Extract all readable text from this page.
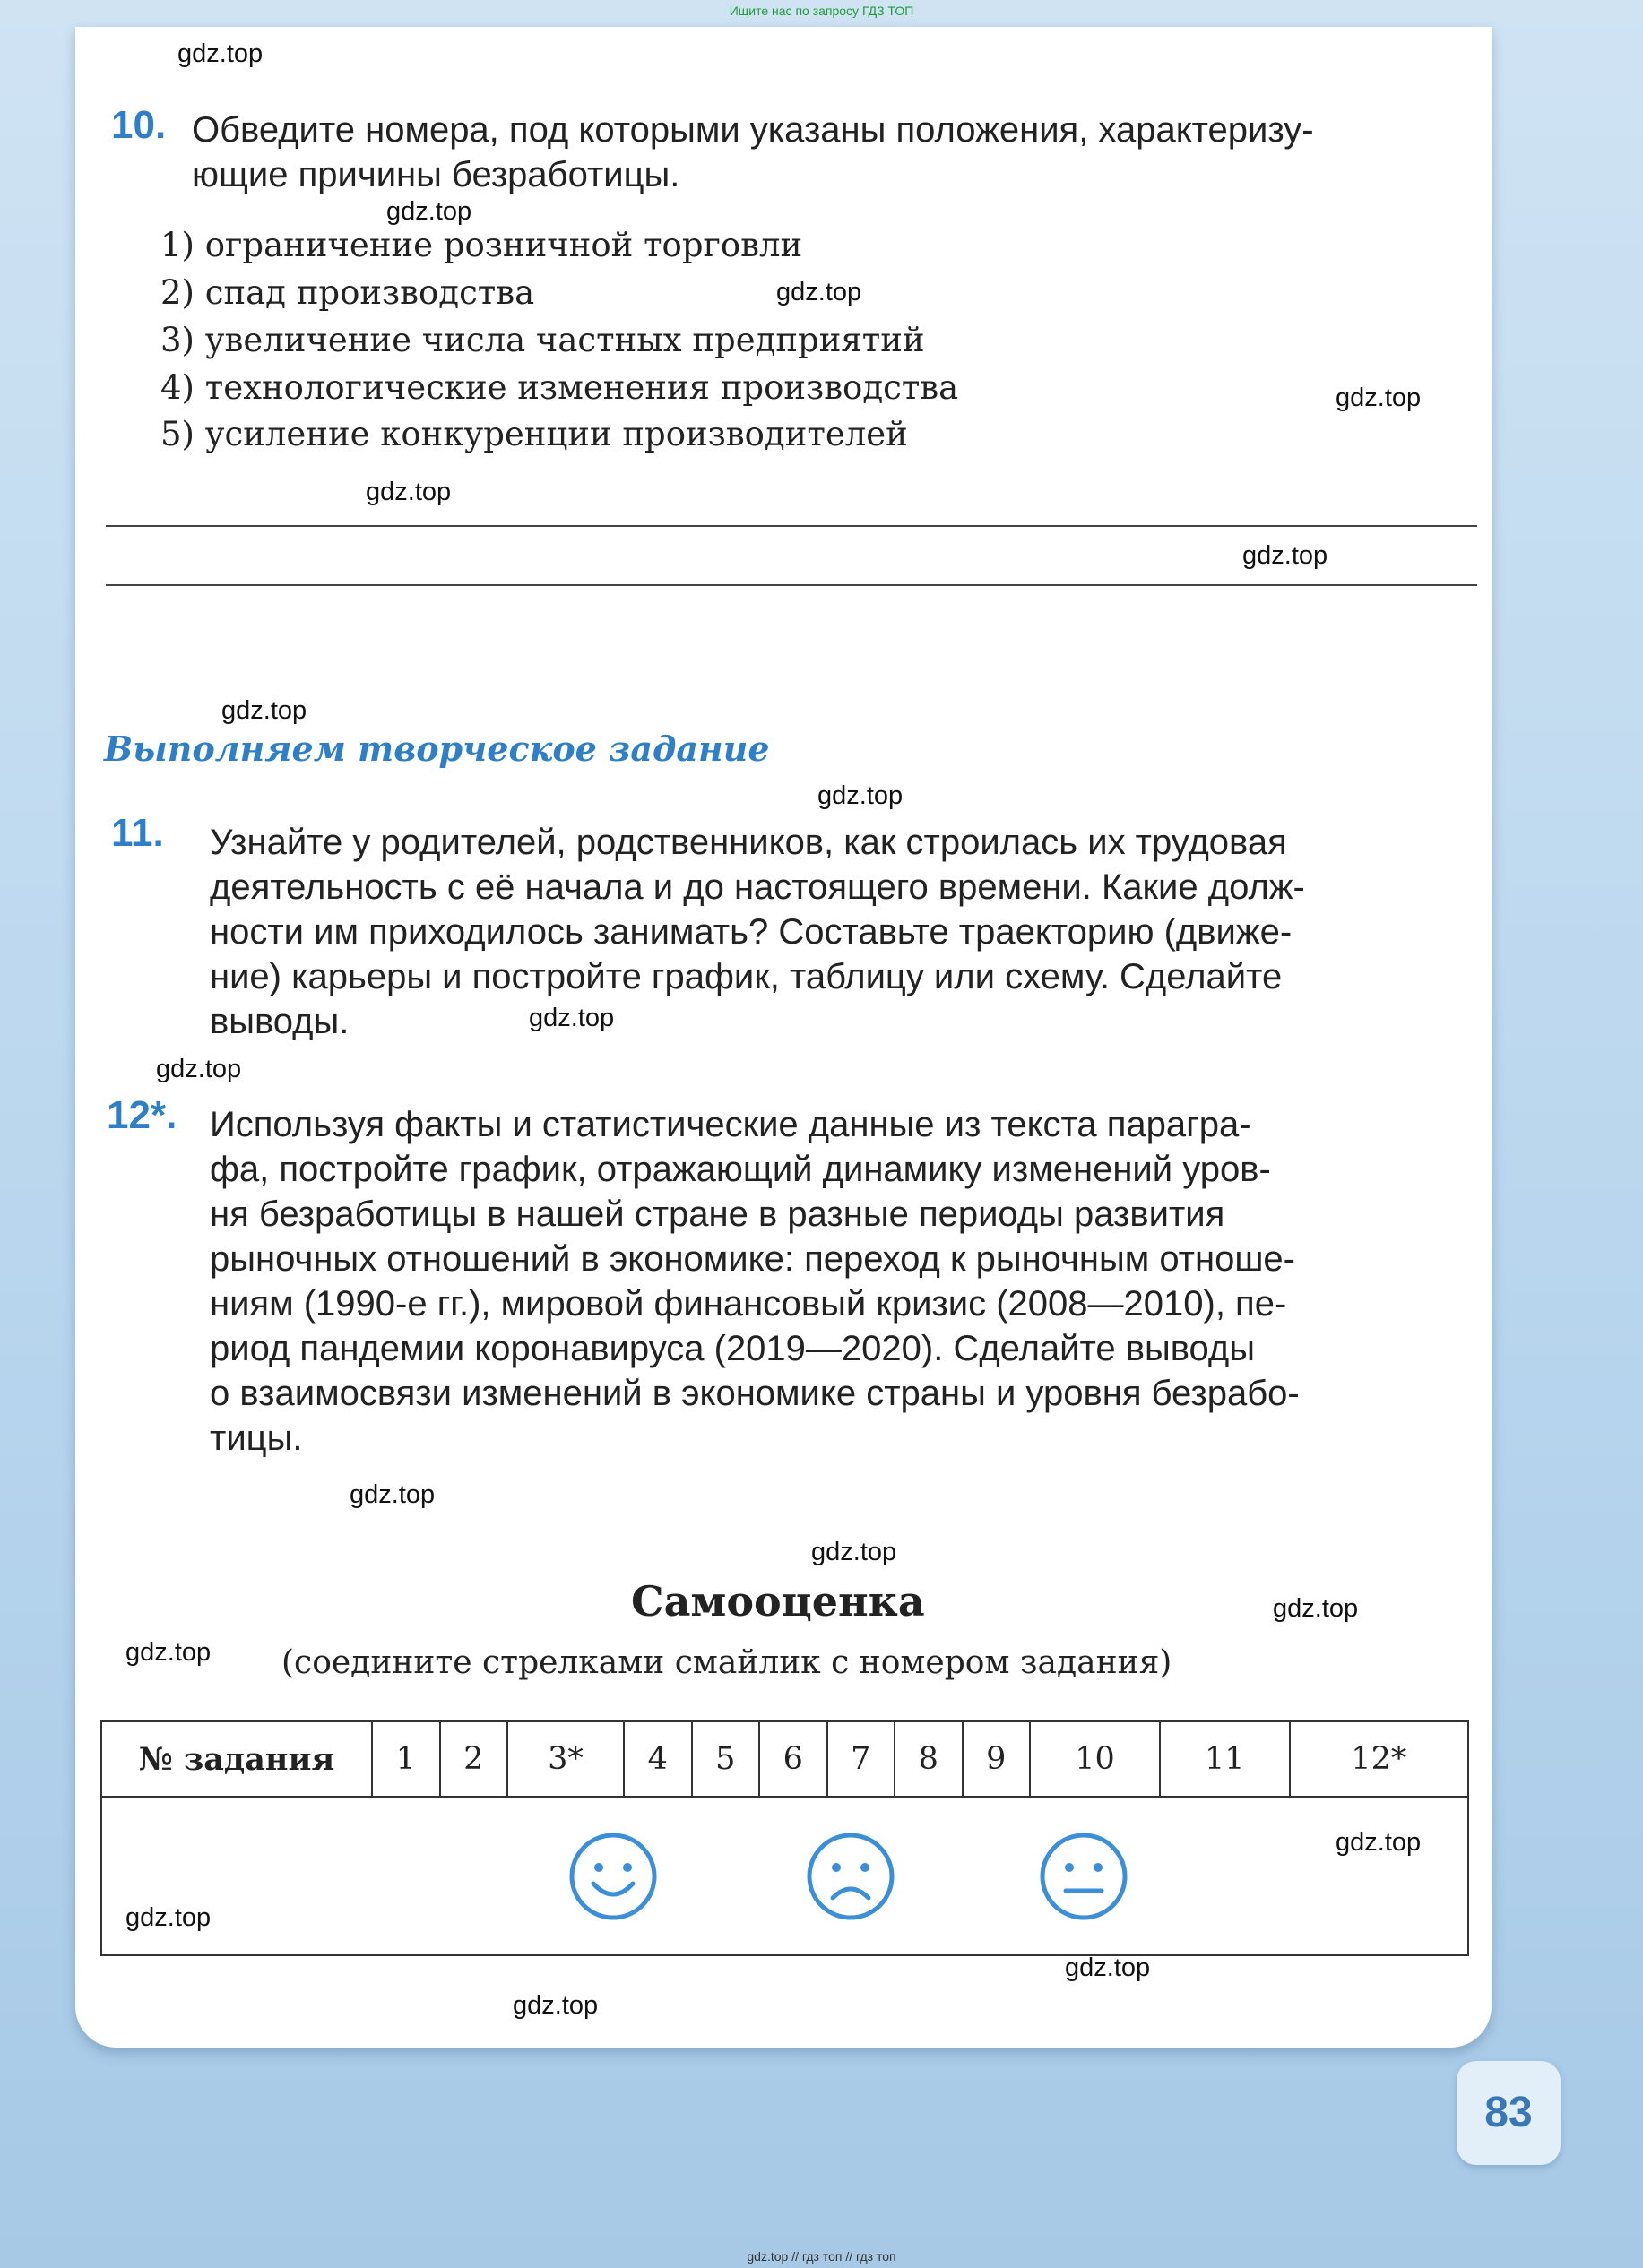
Ищите нас по запросу ГДЗ ТОП
gdz.top
gdz.top
gdz.top
gdz.top
gdz.top
gdz.top
gdz.top
gdz.top
gdz.top
gdz.top
gdz.top
gdz.top
gdz.top
gdz.top
gdz.top
gdz.top
gdz.top
gdz.top
10. Обведите номера, под которыми указаны положения, характеризу-
ющие причины безработицы.
1) ограничение розничной торговли
2) спад производства
3) увеличение числа частных предприятий
4) технологические изменения производства
5) усиление конкуренции производителей
Выполняем творческое задание
11. Узнайте у родителей, родственников, как строилась их трудовая
деятельность с её начала и до настоящего времени. Какие долж-
ности им приходилось занимать? Составьте траекторию (движе-
ние) карьеры и постройте график, таблицу или схему. Сделайте
выводы.
12*. Используя факты и статистические данные из текста парагра-
фа, постройте график, отражающий динамику изменений уров-
ня безработицы в нашей стране в разные периоды развития
рыночных отношений в экономике: переход к рыночным отноше-
ниям (1990-е гг.), мировой финансовый кризис (2008—2010), пе-
риод пандемии коронавируса (2019—2020). Сделайте выводы
о взаимосвязи изменений в экономике страны и уровня безрабо-
тицы.
Самооценка
(соедините стрелками смайлик с номером задания)
№ задания	1	2	3*	4	5	6	7	8	9	10	11	12*

83
gdz.top // гдз топ // гдз топ
